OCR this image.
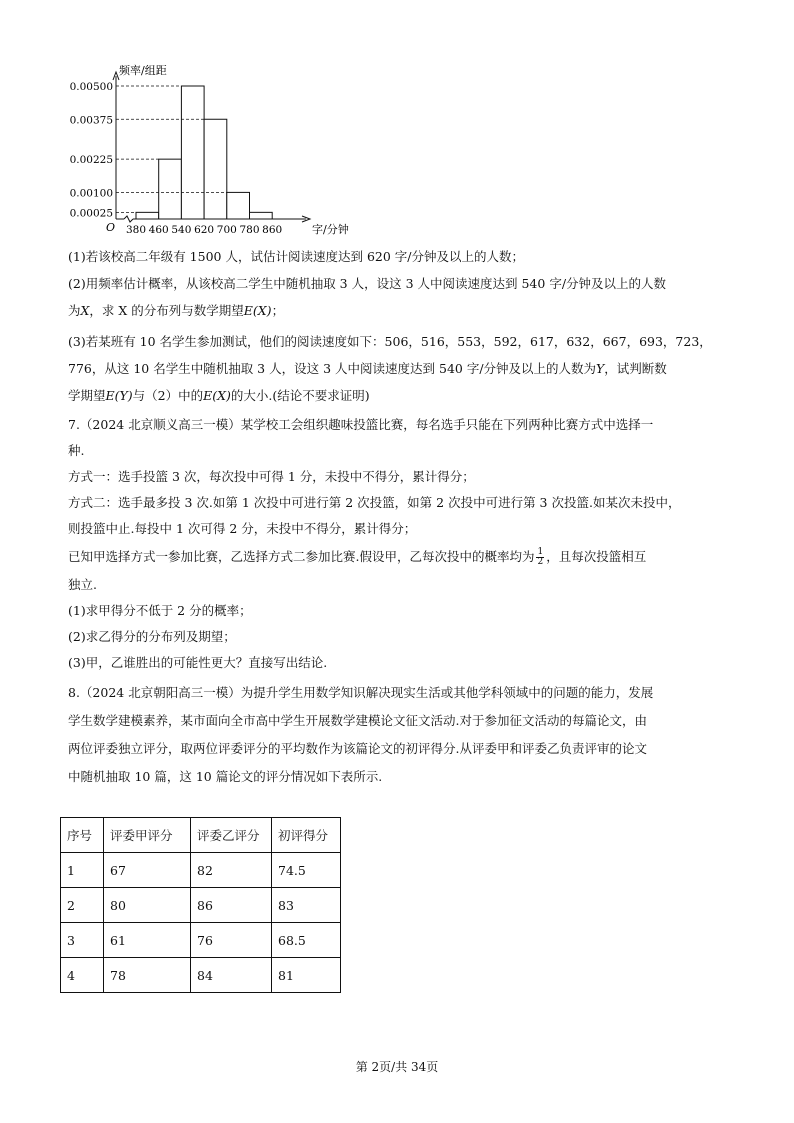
频率/组距
字/分钟
O
0.00500
0.00375
0.00225
0.00100
0.00025
380 460 540 620 700 780 860
(1)若该校高二年级有 1500 人，试估计阅读速度达到 620 字/分钟及以上的人数；
(2)用频率估计概率，从该校高二学生中随机抽取 3 人，设这 3 人中阅读速度达到 540 字/分钟及以上的人数
为X，求 X 的分布列与数学期望E(X)；
(3)若某班有 10 名学生参加测试，他们的阅读速度如下：506，516，553，592，617，632，667，693，723，
776，从这 10 名学生中随机抽取 3 人，设这 3 人中阅读速度达到 540 字/分钟及以上的人数为Y，试判断数
学期望E(Y)与（2）中的E(X)的大小.(结论不要求证明)
7.（2024 北京顺义高三一模）某学校工会组织趣味投篮比赛，每名选手只能在下列两种比赛方式中选择一
种.
方式一：选手投篮 3 次，每次投中可得 1 分，未投中不得分，累计得分；
方式二：选手最多投 3 次.如第 1 次投中可进行第 2 次投篮，如第 2 次投中可进行第 3 次投篮.如某次未投中，
则投篮中止.每投中 1 次可得 2 分，未投中不得分，累计得分；
已知甲选择方式一参加比赛，乙选择方式二参加比赛.假设甲，乙每次投中的概率均为 $\frac{1}{2}$ ，且每次投篮相互
独立.
(1)求甲得分不低于 2 分的概率；
(2)求乙得分的分布列及期望；
(3)甲，乙谁胜出的可能性更大？直接写出结论.
8.（2024 北京朝阳高三一模）为提升学生用数学知识解决现实生活或其他学科领域中的问题的能力，发展
学生数学建模素养，某市面向全市高中学生开展数学建模论文征文活动.对于参加征文活动的每篇论文，由
两位评委独立评分，取两位评委评分的平均数作为该篇论文的初评得分.从评委甲和评委乙负责评审的论文
中随机抽取 10 篇，这 10 篇论文的评分情况如下表所示.
序号	评委甲评分	评委乙评分	初评得分
1	67	82	74.5
2	80	86	83
3	61	76	68.5
4	78	84	81
第 2页/共 34页
